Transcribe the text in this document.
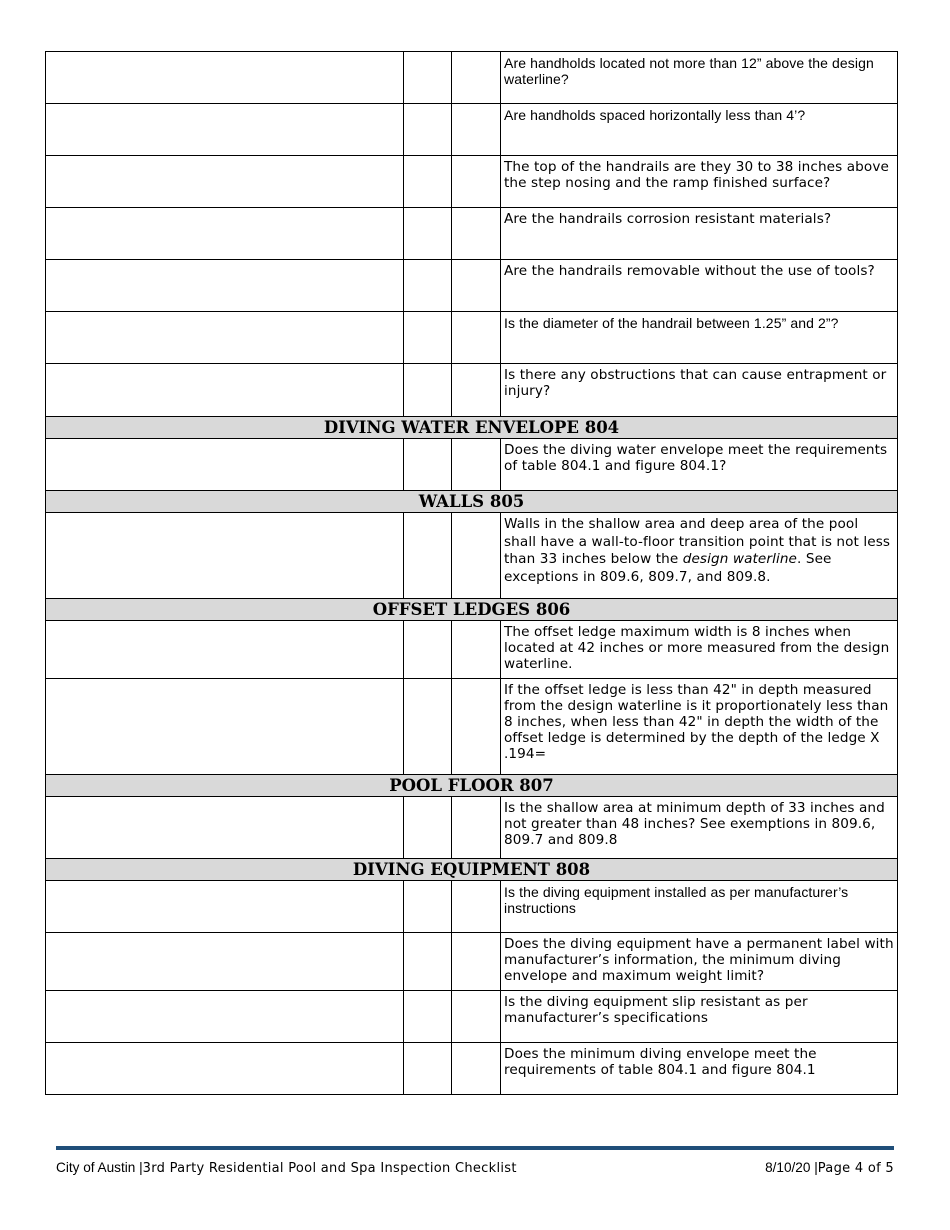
			Are handholds located not more than 12” above the design waterline?
			Are handholds spaced horizontally less than 4’?
			The top of the handrails are they 30 to 38 inches above the step nosing and the ramp finished surface?
			Are the handrails corrosion resistant materials?
			Are the handrails removable without the use of tools?
			Is the diameter of the handrail between 1.25” and 2”?
			Is there any obstructions that can cause entrapment or injury?
DIVING WATER ENVELOPE 804			
			Does the diving water envelope meet the requirements of table 804.1 and figure 804.1?
WALLS 805			
			Walls in the shallow area and deep area of the pool shall have a wall-to-floor transition point that is not less than 33 inches below the design waterline. See exceptions in 809.6, 809.7, and 809.8.
OFFSET LEDGES 806			
			The offset ledge maximum width is 8 inches when located at 42 inches or more measured from the design waterline.
			If the offset ledge is less than 42" in depth measured from the design waterline is it proportionately less than 8 inches, when less than 42" in depth the width of the offset ledge is determined by the depth of the ledge X .194=
POOL FLOOR 807			
			Is the shallow area at minimum depth of 33 inches and not greater than 48 inches? See exemptions in 809.6, 809.7 and 809.8
DIVING EQUIPMENT 808			
			Is the diving equipment installed as per manufacturer’s instructions
			Does the diving equipment have a permanent label with manufacturer’s information, the minimum diving envelope and maximum weight limit?
			Is the diving equipment slip resistant as per manufacturer’s specifications
			Does the minimum diving envelope meet the requirements of table 804.1 and figure 804.1
City of Austin |3rd Party Residential Pool and Spa Inspection Checklist	8/10/20 |Page 4 of 5
